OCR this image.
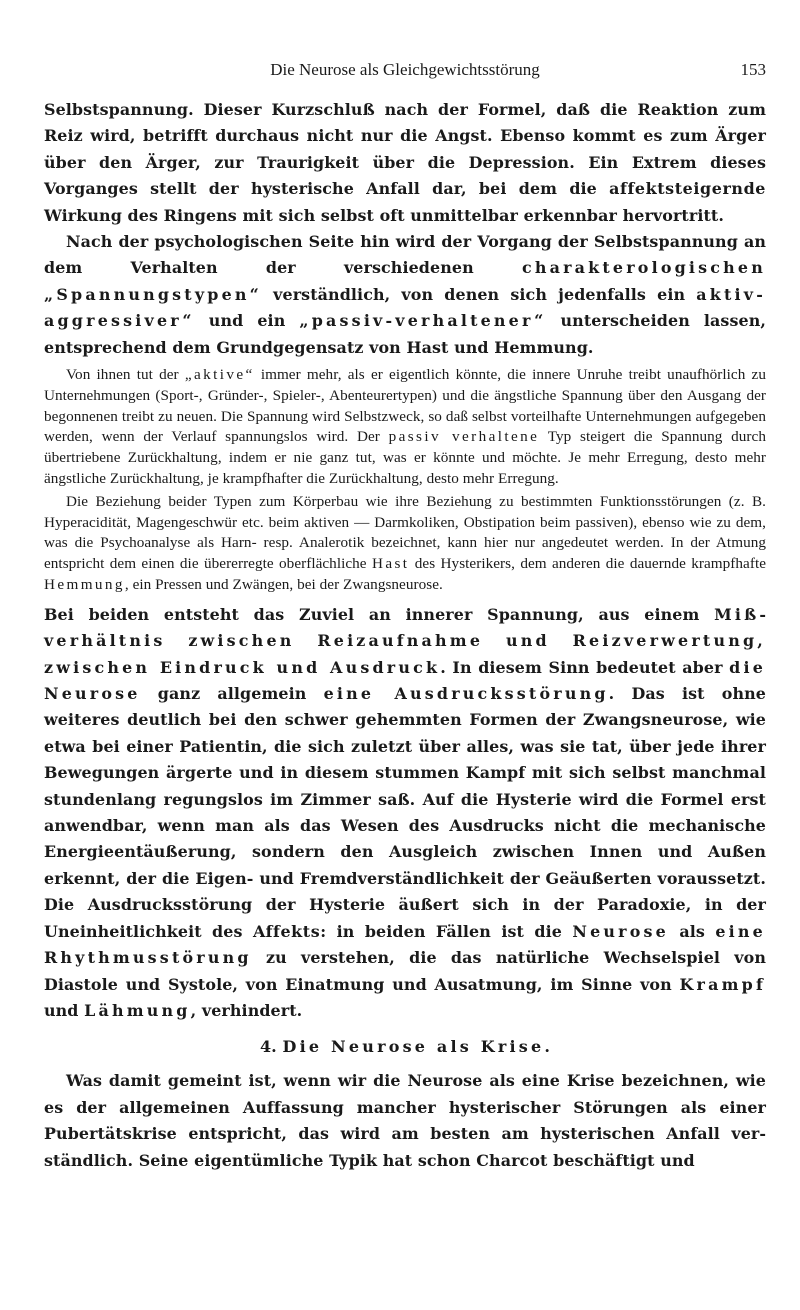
Die Neurose als Gleichgewichtsstörung	153

Selbstspannung. Dieser Kurzschluß nach der Formel, daß die Reaktion zum Reiz wird, betrifft durchaus nicht nur die Angst. Ebenso kommt es zum Ärger über den Ärger, zur Traurigkeit über die Depression. Ein Extrem dieses Vorganges stellt der hysterische Anfall dar, bei dem die affektsteigernde Wirkung des Ringens mit sich selbst oft unmittelbar erkennbar hervortritt.

Nach der psychologischen Seite hin wird der Vorgang der Selbstspannung an dem Verhalten der verschiedenen charakterologischen „Spannungstypen“ verständlich, von denen sich jedenfalls ein aktiv-aggressiver“ und ein „passiv-verhaltener“ unterscheiden lassen, entsprechend dem Grundgegensatz von Hast und Hemmung.

Von ihnen tut der „aktive“ immer mehr, als er eigentlich könnte, die innere Unruhe treibt unaufhörlich zu Unternehmungen (Sport-, Gründer-, Spieler-, Abenteurertypen) und die ängstliche Spannung über den Ausgang der begonnenen treibt zu neuen. Die Spannung wird Selbstzweck, so daß selbst vorteilhafte Unternehmungen aufgegeben werden, wenn der Verlauf spannungslos wird. Der passiv verhaltene Typ steigert die Spannung durch übertriebene Zurückhaltung, indem er nie ganz tut, was er könnte und möchte. Je mehr Erregung, desto mehr ängstliche Zurückhaltung, je krampfhafter die Zurückhaltung, desto mehr Erregung.

Die Beziehung beider Typen zum Körperbau wie ihre Beziehung zu bestimmten Funktionsstörungen (z. B. Hyperacidität, Magengeschwür etc. beim aktiven — Darmkoliken, Obstipation beim passiven), ebenso wie zu dem, was die Psychoanalyse als Harn- resp. Analerotik bezeichnet, kann hier nur angedeutet werden. In der Atmung entspricht dem einen die übererregte oberflächliche Hast des Hysterikers, dem anderen die dauernde krampfhafte Hemmung, ein Pressen und Zwängen, bei der Zwangsneurose.

Bei beiden entsteht das Zuviel an innerer Spannung, aus einem Mißverhältnis zwischen Reizaufnahme und Reizverwertung, zwischen Eindruck und Ausdruck. In diesem Sinn bedeutet aber die Neurose ganz allgemein eine Ausdrucksstörung. Das ist ohne weiteres deutlich bei den schwer gehemmten Formen der Zwangsneurose, wie etwa bei einer Patientin, die sich zuletzt über alles, was sie tat, über jede ihrer Bewegungen ärgerte und in diesem stummen Kampf mit sich selbst manchmal stundenlang regungslos im Zimmer saß. Auf die Hysterie wird die Formel erst anwendbar, wenn man als das Wesen des Ausdrucks nicht die mechanische Energieentäußerung, sondern den Ausgleich zwischen Innen und Außen erkennt, der die Eigen- und Fremdverständlichkeit der Geäußerten voraussetzt. Die Ausdrucksstörung der Hysterie äußert sich in der Paradoxie, in der Uneinheitlichkeit des Affekts: in beiden Fällen ist die Neurose als eine Rhythmusstörung zu verstehen, die das natürliche Wechselspiel von Diastole und Systole, von Einatmung und Ausatmung, im Sinne von Krampf und Lähmung, verhindert.

4. Die Neurose als Krise.

Was damit gemeint ist, wenn wir die Neurose als eine Krise bezeichnen, wie es der allgemeinen Auffassung mancher hysterischer Störungen als einer Pubertätskrise entspricht, das wird am besten am hysterischen Anfall verständlich. Seine eigentümliche Typik hat schon Charcot beschäftigt und
